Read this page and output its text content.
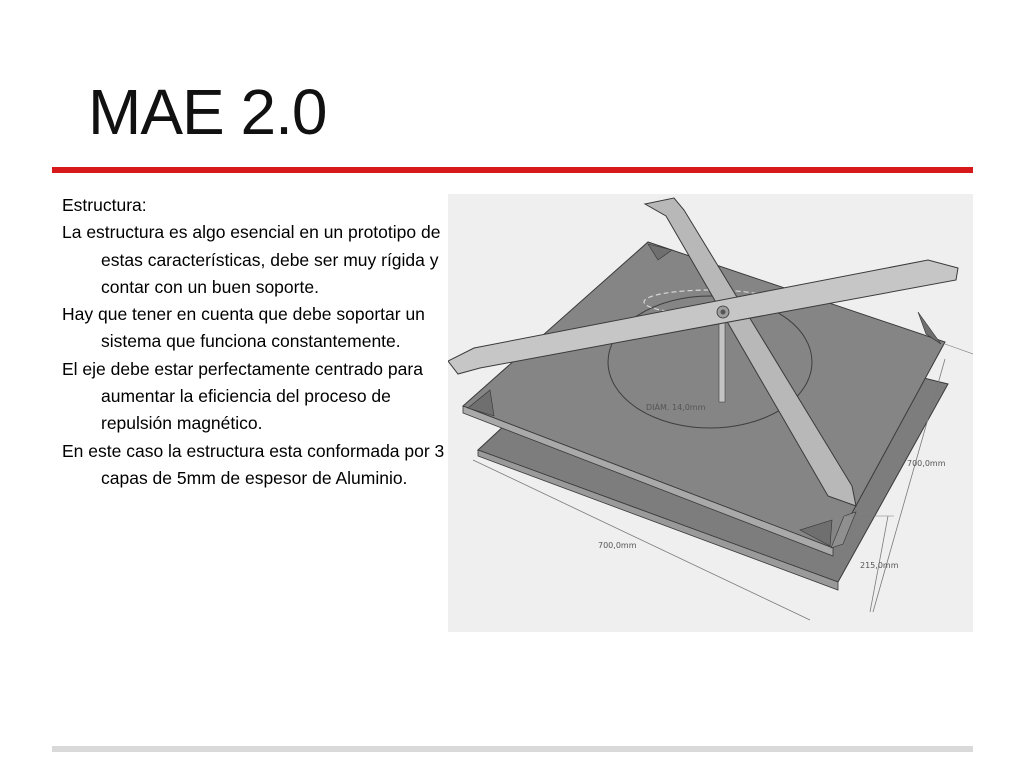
MAE 2.0

Estructura:

La estructura es algo esencial en un prototipo de estas características, debe ser muy rígida y contar con un buen soporte.

Hay que tener en cuenta que debe soportar un sistema que funciona constantemente.

El eje debe estar perfectamente centrado para aumentar la eficiencia del proceso de repulsión magnético.

En este caso la estructura esta conformada por 3 capas de 5mm de espesor de Aluminio.

DIÁM. 14,0mm
700,0mm
700,0mm
215,0mm
